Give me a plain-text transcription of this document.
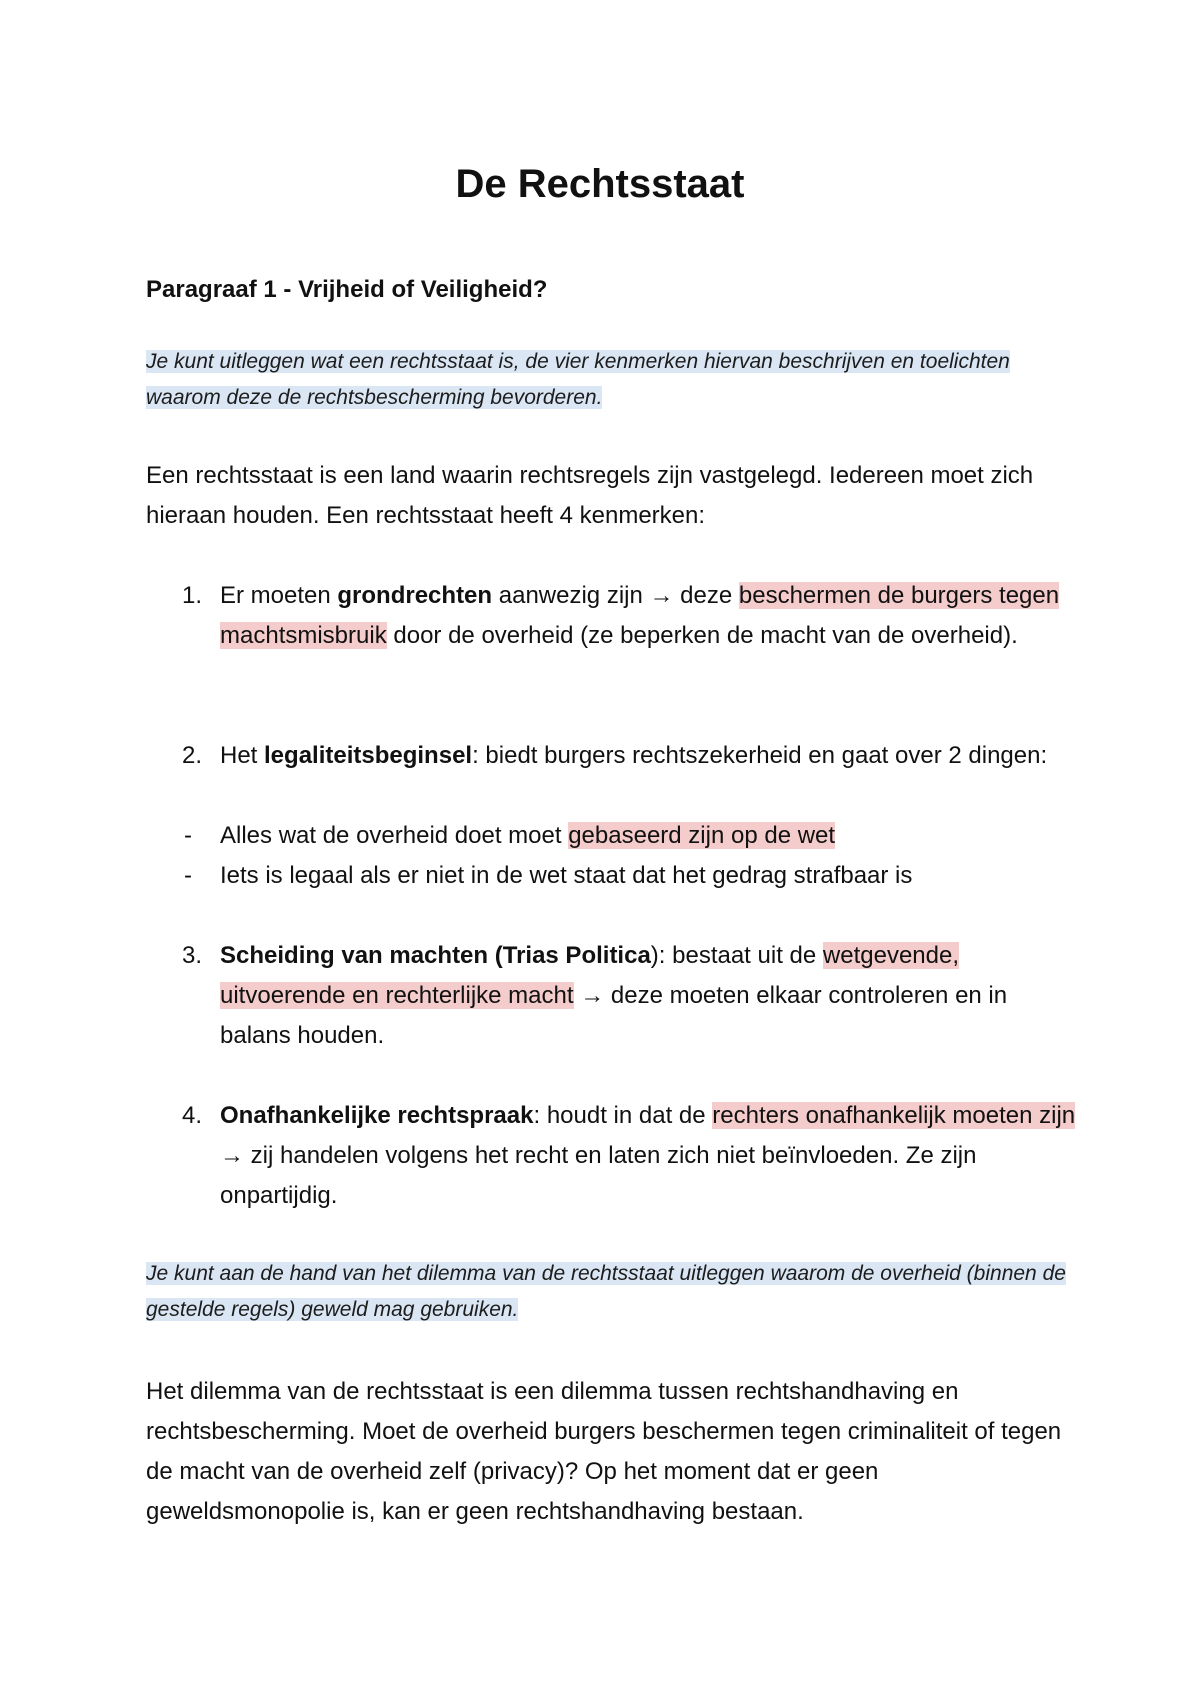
De Rechtsstaat
Paragraaf 1 - Vrijheid of Veiligheid?
Je kunt uitleggen wat een rechtsstaat is, de vier kenmerken hiervan beschrijven en toelichten waarom deze de rechtsbescherming bevorderen.
Een rechtsstaat is een land waarin rechtsregels zijn vastgelegd. Iedereen moet zich hieraan houden. Een rechtsstaat heeft 4 kenmerken:
1. Er moeten grondrechten aanwezig zijn → deze beschermen de burgers tegen machtsmisbruik door de overheid (ze beperken de macht van de overheid).
2. Het legaliteitsbeginsel: biedt burgers rechtszekerheid en gaat over 2 dingen:
- Alles wat de overheid doet moet gebaseerd zijn op de wet
- Iets is legaal als er niet in de wet staat dat het gedrag strafbaar is
3. Scheiding van machten (Trias Politica): bestaat uit de wetgevende, uitvoerende en rechterlijke macht → deze moeten elkaar controleren en in balans houden.
4. Onafhankelijke rechtspraak: houdt in dat de rechters onafhankelijk moeten zijn → zij handelen volgens het recht en laten zich niet beïnvloeden. Ze zijn onpartijdig.
Je kunt aan de hand van het dilemma van de rechtsstaat uitleggen waarom de overheid (binnen de gestelde regels) geweld mag gebruiken.
Het dilemma van de rechtsstaat is een dilemma tussen rechtshandhaving en rechtsbescherming. Moet de overheid burgers beschermen tegen criminaliteit of tegen de macht van de overheid zelf (privacy)? Op het moment dat er geen geweldsmonopolie is, kan er geen rechtshandhaving bestaan.
